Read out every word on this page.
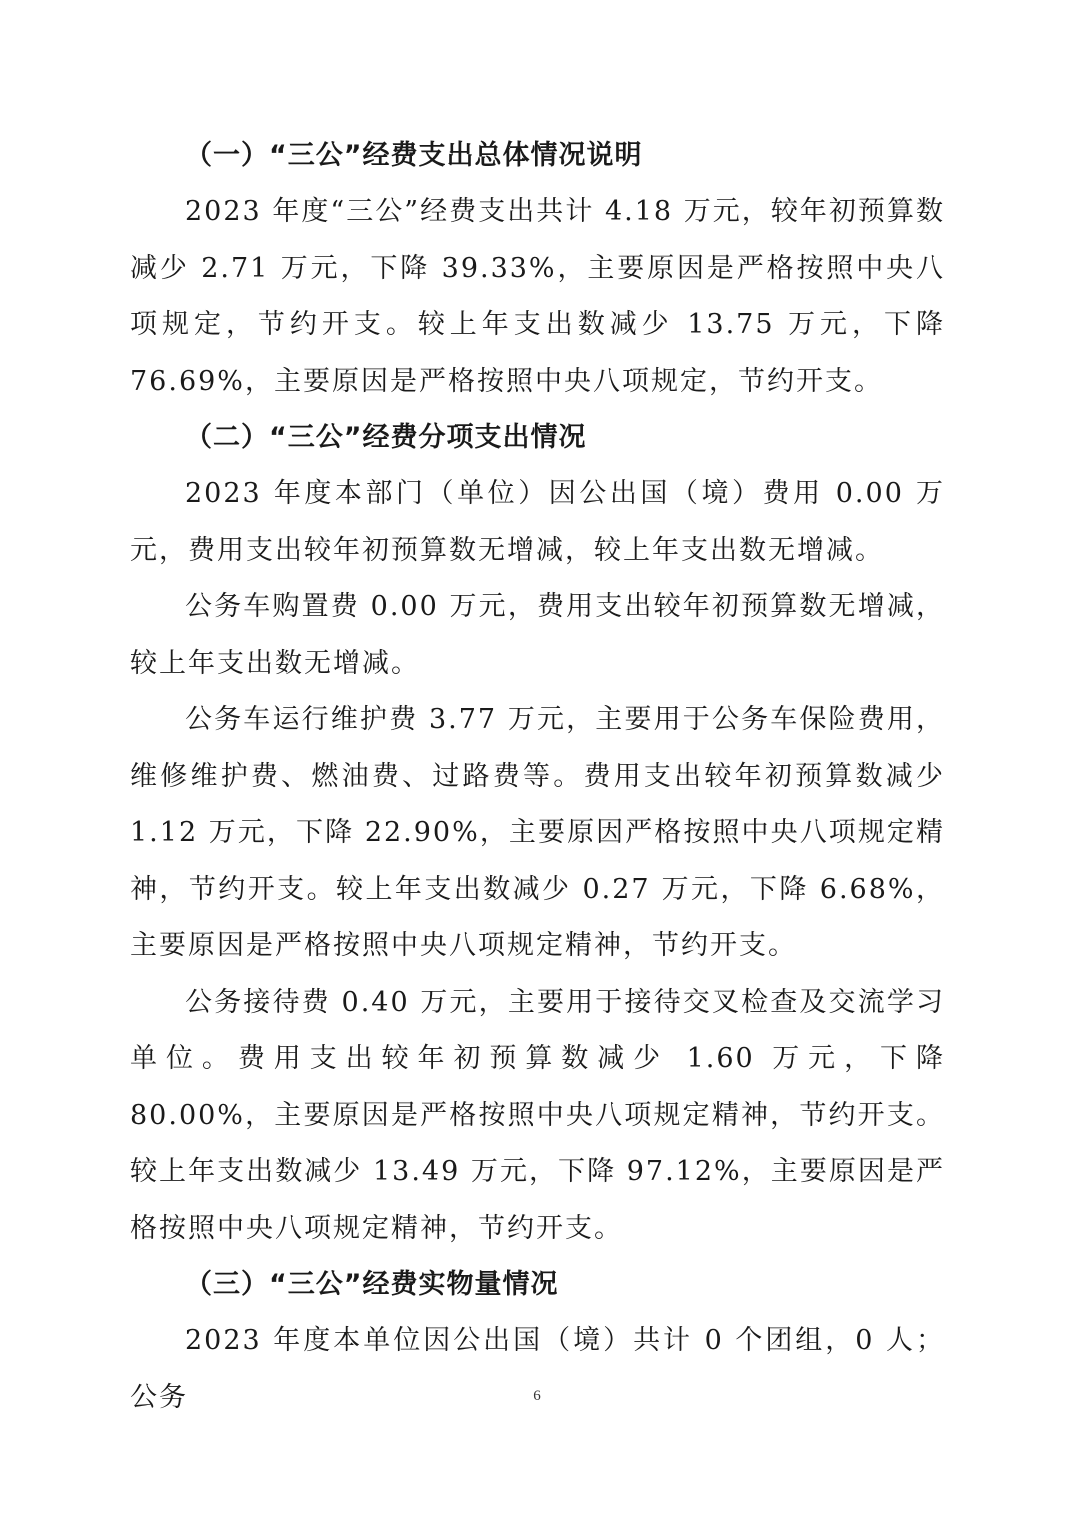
（一）“三公”经费支出总体情况说明

2023 年度“三公”经费支出共计 4.18 万元，较年初预算数减少 2.71 万元，下降 39.33%，主要原因是严格按照中央八项规定，节约开支。较上年支出数减少 13.75 万元，下降 76.69%，主要原因是严格按照中央八项规定，节约开支。

（二）“三公”经费分项支出情况

2023 年度本部门（单位）因公出国（境）费用 0.00 万元，费用支出较年初预算数无增减，较上年支出数无增减。

公务车购置费 0.00 万元，费用支出较年初预算数无增减，较上年支出数无增减。

公务车运行维护费 3.77 万元，主要用于公务车保险费用，维修维护费、燃油费、过路费等。费用支出较年初预算数减少 1.12 万元，下降 22.90%，主要原因严格按照中央八项规定精神，节约开支。较上年支出数减少 0.27 万元，下降 6.68%，主要原因是严格按照中央八项规定精神，节约开支。

公务接待费 0.40 万元，主要用于接待交叉检查及交流学习单位。费用支出较年初预算数减少 1.60 万元，下降 80.00%，主要原因是严格按照中央八项规定精神，节约开支。较上年支出数减少 13.49 万元，下降 97.12%，主要原因是严格按照中央八项规定精神，节约开支。

（三）“三公”经费实物量情况

2023 年度本单位因公出国（境）共计 0 个团组，0 人；公务	6
